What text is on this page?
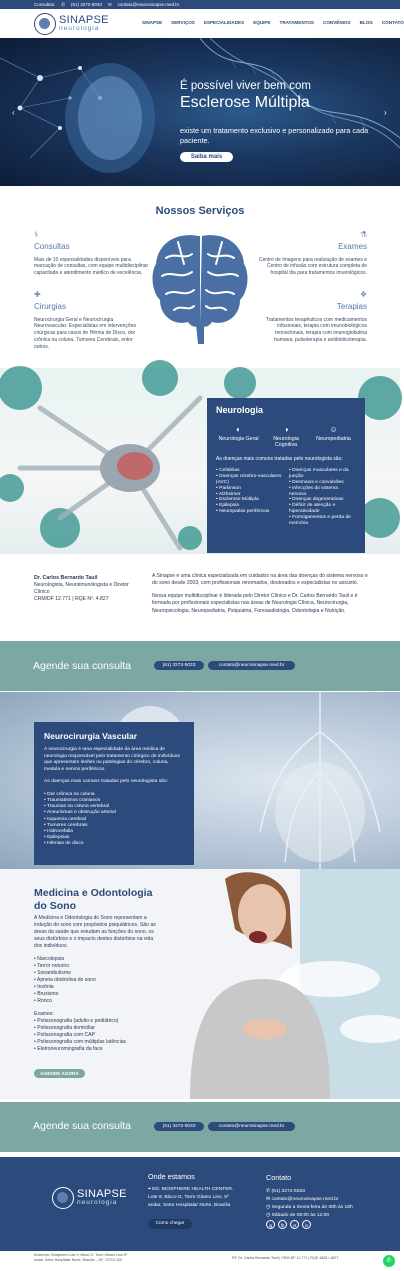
Consultas: ✆ (61) 3272-5033 ✉ contato@neurosinapse.med.br
SINAPSE
neurologia
SINAPSE SERVIÇOS ESPECIALIDADES EQUIPE TRATAMENTOS CONVÊNIOS BLOG CONTATO
É possível viver bem com
Esclerose Múltipla
existe um tratamento exclusivo e personalizado para cada paciente.
Saiba mais
‹	›
Nossos Serviços
⚕
Consultas
Mais de 10 especialidades disponíveis para marcação de consultas, com equipe multidisciplinar capacitada e atendimento médico de excelência.
⚗
Exames
Centro de Imagens para realização de exames e Centro de infusão com estrutura completa de hospital dia para tratamentos imunológicos.
✚
Cirurgias
Neurocirurgia Geral e Neurocirurgia Neurovascular. Especialistas em intervenções cirúrgicas para casos de Hérnia de Disco, dor crônica na coluna, Tumores Cerebrais, entre outros.
❖
Terapias
Tratamentos terapêuticos com medicamentos infusionais, terapia com imunobiológicos monoclonais, terapia com imunoglobulina humana, pulsoterapia e antibioticoterapia.
Neurologia
◐
Neurologia Geral
◑
Neurologia Cognitiva
☺
Neuropediatria
As doenças mais comuns tratadas pelo neurologista são:
• Cefaléias
• Doenças cérebro-vasculares (AVC)
• Parkinson
• Alzheimer
• Esclerose Múltipla
• Epilepsia
• Neuropatias periféricas
• Doenças musculares e da junção
• Desmaios e convulsões
• Infecções do sistema nervoso
• Doenças degenerativas
• Déficit de atenção e hiperatividade
• Formigamentos e perda de memória
Dr. Carlos Bernardo Tauil
Neurologista, Neuroimunologista e Diretor Clínico
CRM/DF 12.771 | RQE Nº. 4.827

A Sinapse é uma clínica especializada em cuidados na área das doenças do sistema nervoso e do sono desde 2003, com profissionais renomados, doutorados e especialistas no assunto.

Nossa equipe multidisciplinar é liderada pelo Diretor Clínico e Dr. Carlos Bernardo Tauil e é formada por profissionais especialistas nas áreas de Neurologia Clínica, Neurocirurgia, Neuropsicologia, Neuropediatria, Psiquiatria, Fonoaudiologia, Odontologia e Nutrição.

Agende sua consulta	(61) 3272-5033	contato@neurosinapse.med.br
Neurocirurgia Vascular

A neurocirurgia é uma especialidade da área médica de neurologia responsável pelo tratamento cirúrgico de indivíduos que apresentam lesões ou patologias do cérebro, coluna, medula e nervos periféricos.

As doenças mais comuns tratadas pelo neurologista são:

• Dor crônica na coluna
• Traumatismos cranianos
• Traumas na coluna vertebral
• Aneurismas e obstrução arterial
• Isquemia cerebral
• Tumores cerebrais
• Hidrocefalia
• Epilepsias
• Hérnias de disco
Medicina e Odontologia
do Sono

A Medicina e Odontologia do Sono representam a indução do sono com propósitos psiquiátricos. São as áreas da saúde que estudam as funções do sono, os seus distúrbios e o impacto destes distúrbios na vida dos indivíduos.

• Narcolepsia
• Terror noturno
• Sonambulismo
• Apneia obstrutiva do sono
• Insônia
• Bruxismo
• Ronco

Exames:
• Polissonografia (adulto e pediátrico)
• Polissonografia domiciliar
• Polissonografia com CAP
• Polissonografia com múltiplas latências
• Eletroneuromiografia da face

AGENDE AGORA
Agende sua consulta	(61) 3272-5033	contato@neurosinapse.med.br
SINAPSE
neurologia
Onde estamos
⌖ ED. BIOSPHERE HEALTH CENTER. Lote 9, Bloco G, Torre Gitano Lins, 5º andar, Setor Hospitalar Norte, Brasília
Como chegar
Contato
✆ (61) 3272-5033
✉ contato@neurosinapse.med.br
◷ Segunda a Sexta-feira de 08h às 18h
◷ Sábado de 08:00 às 12:00
ig	fb	yt	in
Endereço: Biosphere Lote 9, Bloco G. Torre Gitano Lins 5º andar, Setor Hospitalar Norte, Brasília – DF, 70710-100	RT: Dr. Carlos Bernardo Tauil | CRM-DF 12.771 | RQE 4828 / 4827	✆
